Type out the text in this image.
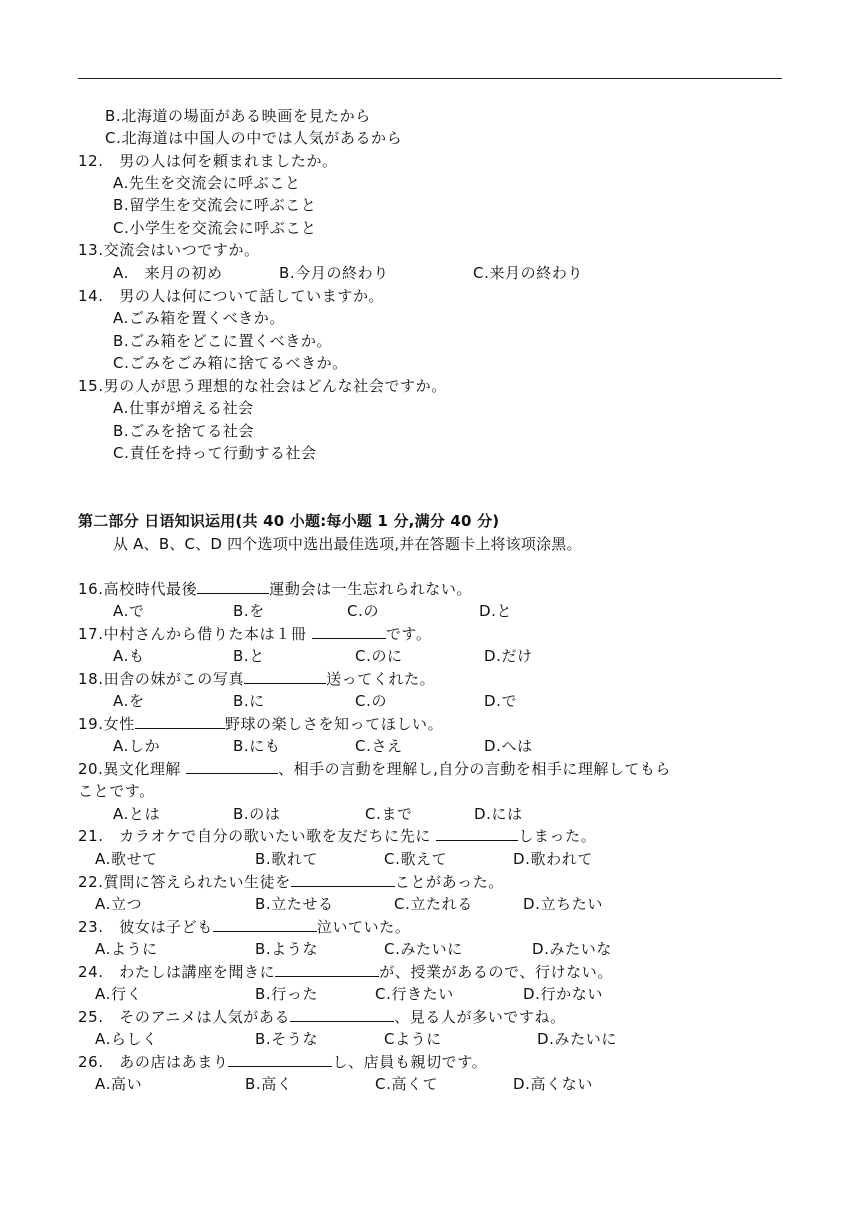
B.北海道の場面がある映画を見たから
C.北海道は中国人の中では人気があるから
12.　男の人は何を頼まれましたか。
A.先生を交流会に呼ぶこと
B.留学生を交流会に呼ぶこと
C.小学生を交流会に呼ぶこと
13.交流会はいつですか。
A.　来月の初め	B.今月の終わり	C.来月の終わり
14.　男の人は何について話していますか。
A.ごみ箱を置くべきか。
B.ごみ箱をどこに置くべきか。
C.ごみをごみ箱に捨てるべきか。
15.男の人が思う理想的な社会はどんな社会ですか。
A.仕事が増える社会
B.ごみを捨てる社会
C.責任を持って行動する社会
第二部分 日语知识运用(共 40 小题:每小题 1 分,满分 40 分)
从 A、B、C、D 四个选项中选出最佳选项,并在答题卡上将该项涂黑。
16.高校時代最後	運動会は一生忘れられない。
A.で	B.を	C.の	D.と
17.中村さんから借りた本は１冊	です。
A.も	B.と	C.のに	D.だけ
18.田舎の妹がこの写真	送ってくれた。
A.を	B.に	C.の	D.で
19.女性	野球の楽しさを知ってほしい。
A.しか	B.にも	C.さえ	D.へは
20.異文化理解	、相手の言動を理解し,自分の言動を相手に理解してもら
ことです。
A.とは	B.のは	C.まで	D.には
21.　カラオケで自分の歌いたい歌を友だちに先に	しまった。
A.歌せて	B.歌れて	C.歌えて	D.歌われて
22.質問に答えられたい生徒を	ことがあった。
A.立つ	B.立たせる	C.立たれる	D.立ちたい
23.　彼女は子ども	泣いていた。
A.ように	B.ような	C.みたいに	D.みたいな
24.　わたしは講座を聞きに	が、授業があるので、行けない。
A.行く	B.行った	C.行きたい	D.行かない
25.　そのアニメは人気がある	、見る人が多いですね。
A.らしく	B.そうな	Cように	D.みたいに
26.　あの店はあまり	し、店員も親切です。
A.高い	B.高く	C.高くて	D.高くない
